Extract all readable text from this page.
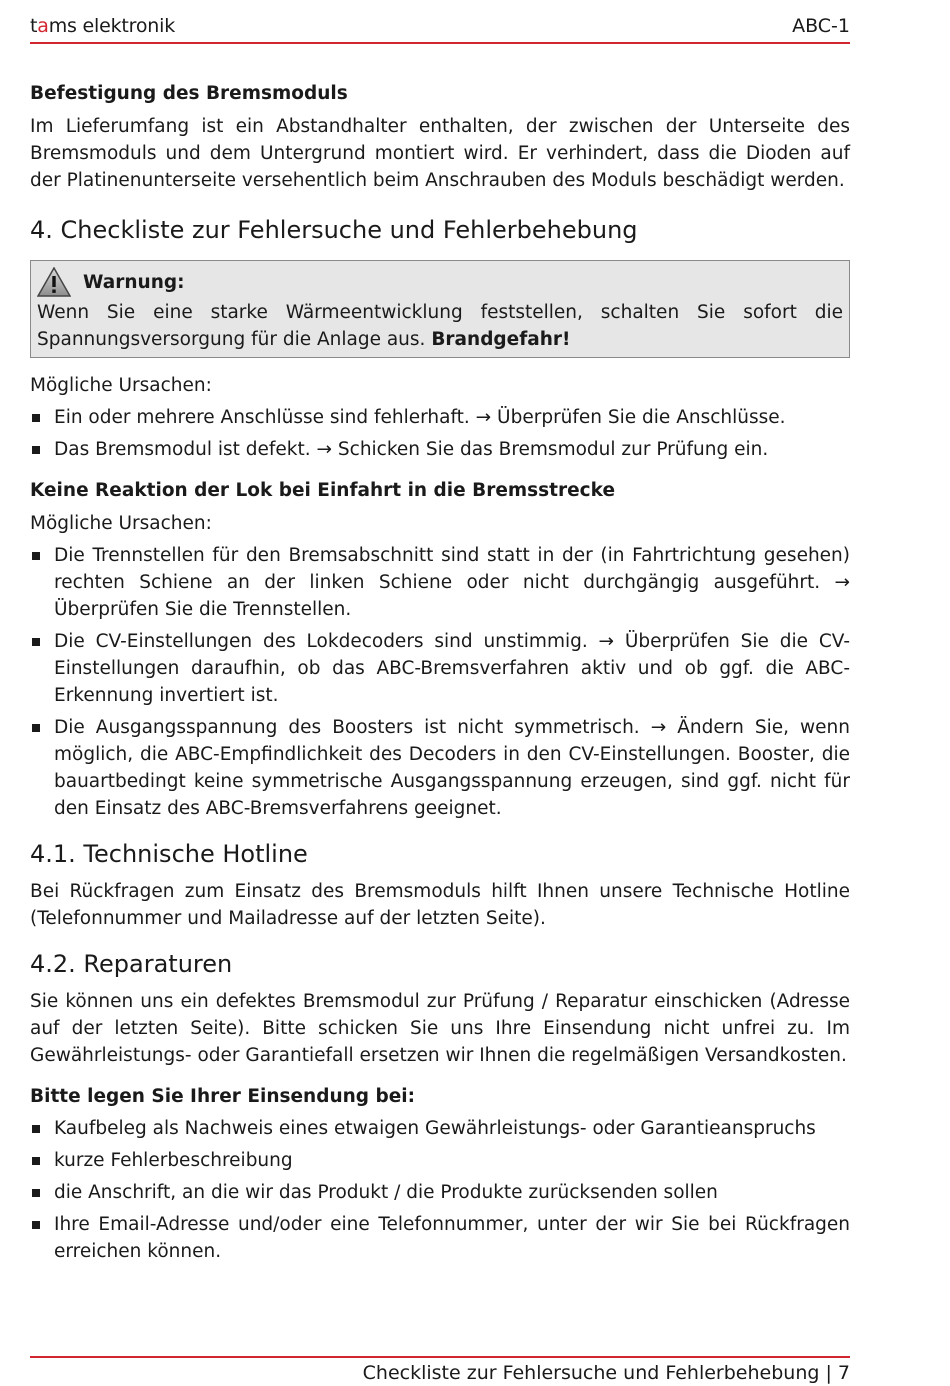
tams elektronik	ABC-1

Befestigung des Bremsmoduls

Im Lieferumfang ist ein Abstandhalter enthalten, der zwischen der Unterseite des Bremsmoduls und dem Untergrund montiert wird. Er verhindert, dass die Dioden auf der Platinenunterseite versehentlich beim Anschrauben des Moduls beschädigt werden.

4. Checkliste zur Fehlersuche und Fehlerbehebung
Warnung:
Wenn Sie eine starke Wärmeentwicklung feststellen, schalten Sie sofort die Spannungsversorgung für die Anlage aus. Brandgefahr!

Mögliche Ursachen:

Ein oder mehrere Anschlüsse sind fehlerhaft. → Überprüfen Sie die Anschlüsse.
Das Bremsmodul ist defekt. → Schicken Sie das Bremsmodul zur Prüfung ein.

Keine Reaktion der Lok bei Einfahrt in die Bremsstrecke

Mögliche Ursachen:

Die Trennstellen für den Bremsabschnitt sind statt in der (in Fahrtrichtung gesehen) rechten Schiene an der linken Schiene oder nicht durchgängig ausgeführt. → Überprüfen Sie die Trennstellen.
Die CV-Einstellungen des Lokdecoders sind unstimmig. → Überprüfen Sie die CV-Einstellungen daraufhin, ob das ABC-Bremsverfahren aktiv und ob ggf. die ABC-Erkennung invertiert ist.
Die Ausgangsspannung des Boosters ist nicht symmetrisch. → Ändern Sie, wenn möglich, die ABC-Empfindlichkeit des Decoders in den CV-Einstellungen. Booster, die bauartbedingt keine symmetrische Ausgangsspannung erzeugen, sind ggf. nicht für den Einsatz des ABC-Bremsverfahrens geeignet.
4.1. Technische Hotline

Bei Rückfragen zum Einsatz des Bremsmoduls hilft Ihnen unsere Technische Hotline (Telefonnummer und Mailadresse auf der letzten Seite).

4.2. Reparaturen

Sie können uns ein defektes Bremsmodul zur Prüfung / Reparatur einschicken (Adresse auf der letzten Seite). Bitte schicken Sie uns Ihre Einsendung nicht unfrei zu. Im Gewährleistungs- oder Garantiefall ersetzen wir Ihnen die regelmäßigen Versandkosten.

Bitte legen Sie Ihrer Einsendung bei:

Kaufbeleg als Nachweis eines etwaigen Gewährleistungs- oder Garantieanspruchs
kurze Fehlerbeschreibung
die Anschrift, an die wir das Produkt / die Produkte zurücksenden sollen
Ihre Email-Adresse und/oder eine Telefonnummer, unter der wir Sie bei Rückfragen erreichen können.
Checkliste zur Fehlersuche und Fehlerbehebung | 7
